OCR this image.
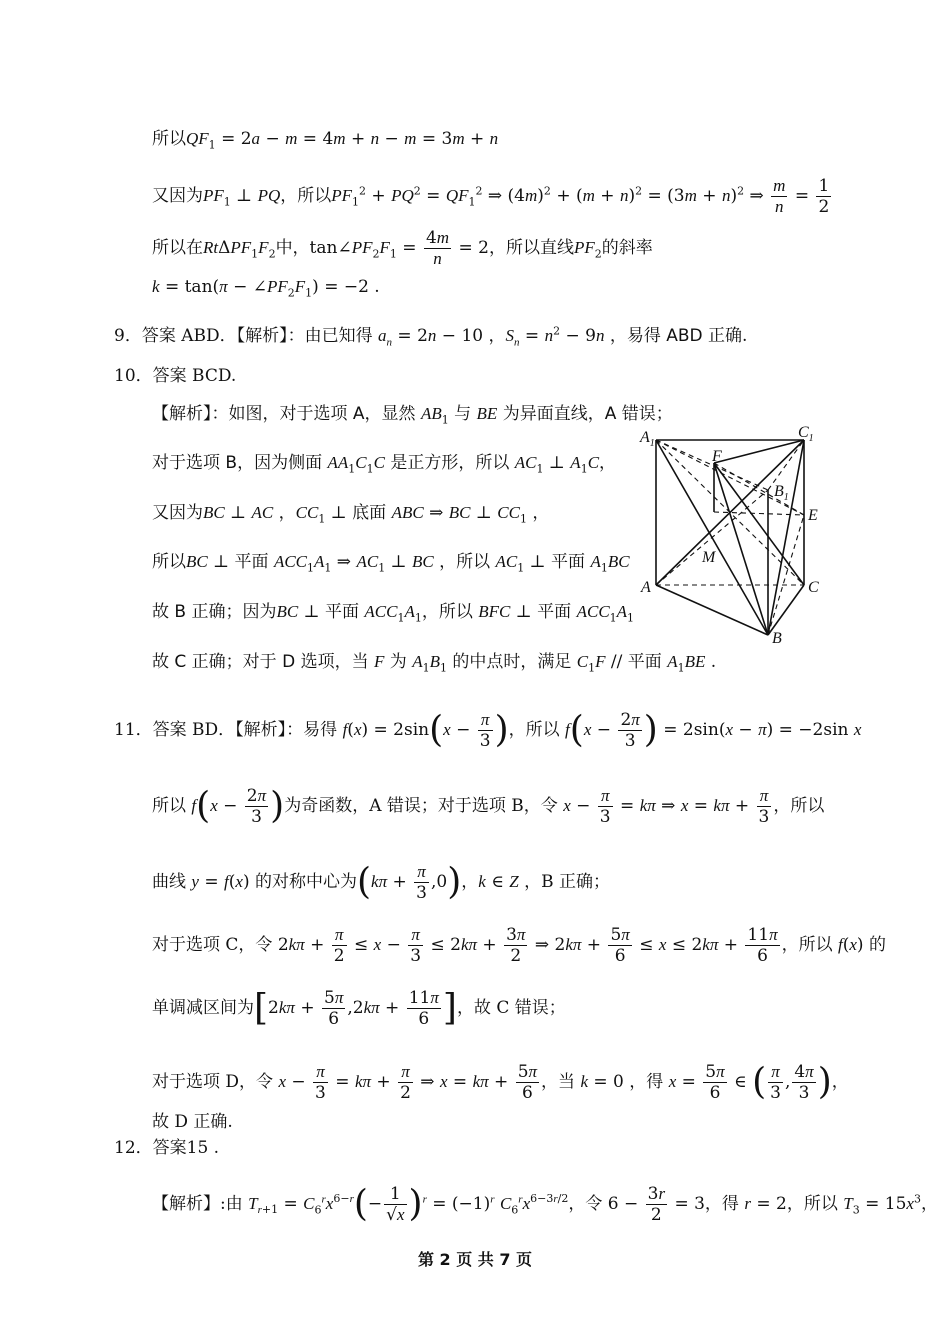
所以$QF_1 = 2a - m = 4m + n - m = 3m + n$
又因为$PF_1$ ⊥ PQ，所以$PF_1^2 + PQ^2 = QF_1^2$ ⇒ $(4m)^2 + (m + n)^2 = (3m + n)^2$ ⇒ $\frac{m}{n} = \frac{1}{2}$
所以在$Rt\Delta PF_1F_2$中，$\tan\angle PF_2F_1 = \frac{4m}{n} = 2$，所以直线$PF_2$的斜率
$k = \tan(\pi - \angle PF_2F_1) = -2$ .
9．答案 ABD．【解析】：由已知得 $a_n = 2n - 10$ ，$S_n = n^2 - 9n$ ，易得 ABD 正确.
10．答案 BCD.
【解析】：如图，对于选项 A，显然 $AB_1$ 与 BE 为异面直线，A 错误；
对于选项 B，因为侧面 $AA_1C_1C$ 是正方形，所以 $AC_1$ ⊥ $A_1C$，
又因为BC ⊥ AC ，$CC_1$ ⊥ 底面 ABC ⇒ BC ⊥ $CC_1$ ，
所以BC ⊥ 平面 $ACC_1A_1$ ⇒ $AC_1$ ⊥ BC ，所以 $AC_1$ ⊥ 平面 $A_1BC$
故 B 正确；因为BC ⊥ 平面 $ACC_1A_1$，所以 BFC ⊥ 平面 $ACC_1A_1$
故 C 正确；对于 D 选项，当 F 为 $A_1B_1$ 的中点时，满足 $C_1F$ // 平面 $A_1BE$ .
11．答案 BD．【解析】：易得 $f(x) = 2\sin(x - \frac{\pi}{3}$ )，所以 $f(x - \frac{2\pi}{3}$ ) = 2sin(x − π) = −2sin x
所以 $f(x - \frac{2\pi}{3}$ )为奇函数，A 错误；对于选项 B，令 $x - \frac{\pi}{3} = k\pi$ ⇒ $x = k\pi + \frac{\pi}{3}$ ，所以
曲线 y = f(x) 的对称中心为$(k\pi + \frac{\pi}{3} ,0)$，k ∈ Z ，B 正确；
对于选项 C，令 $2k\pi + \frac{\pi}{2} \le x - \frac{\pi}{3} \le 2k\pi + \frac{3\pi}{2}$ ⇒ $2k\pi + \frac{5\pi}{6} \le x \le 2k\pi + \frac{11\pi}{6}$ ，所以 f(x) 的
单调减区间为[$2k\pi + \frac{5\pi}{6} ,2k\pi + \frac{11\pi}{6}$ ]，故 C 错误；
对于选项 D，令 $x - \frac{\pi}{3} = k\pi + \frac{\pi}{2}$ ⇒ $x = k\pi + \frac{5\pi}{6}$ ，当 k = 0 ，得 $x = \frac{5\pi}{6}$ ∈ ( $\frac{\pi}{3}$ , $\frac{4\pi}{3}$ )，
故 D 正确.
12．答案15 .
【解析】:由 $T_{r+1} = C_6^rx^{6-r}(- \frac{1}{√x} )^r = (-1)^r$ $C_6^rx^{6-3r/2}$，令 $6 - \frac{3r}{2} = 3$，得 r = 2，所以 $T_3 = 15x^3$，
$A_1$
$C_1$
F
$B_1$
E
M
A	C
B
第 2 页 共 7 页
